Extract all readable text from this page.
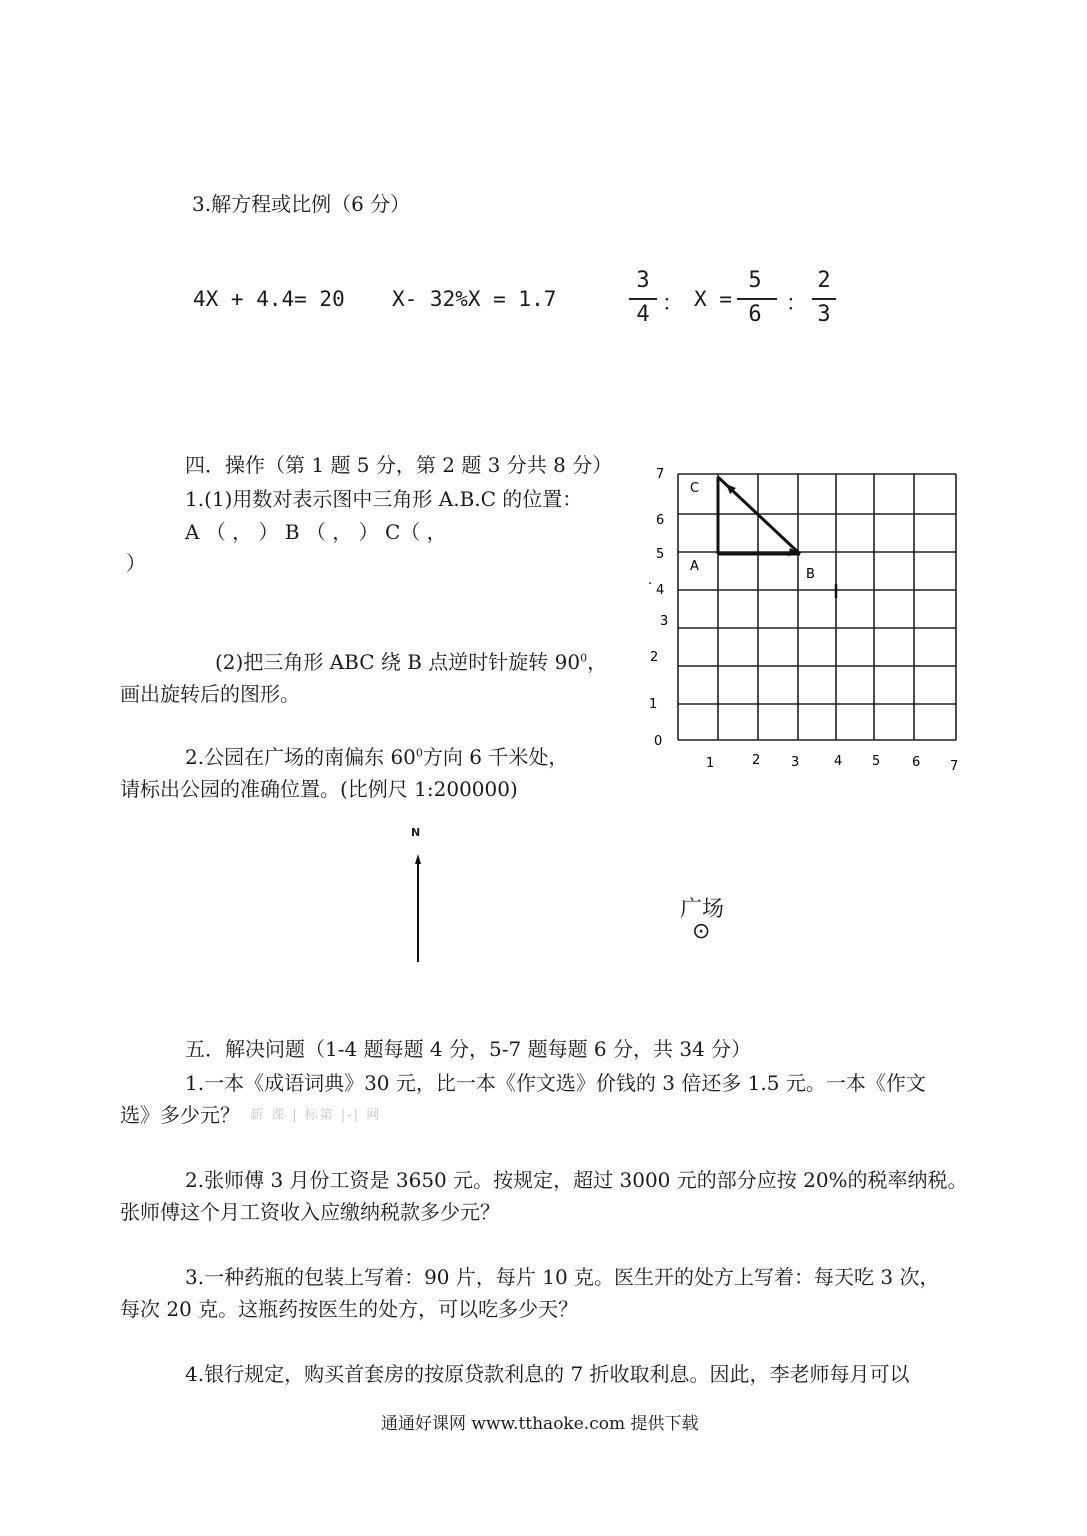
3.解方程或比例（6 分）
4X + 4.4= 20 X- 32%X = 1.7
3
4 ： X =
5
6	：
2
3
四．操作（第 1 题 5 分，第 2 题 3 分共 8 分）
1.(1)用数对表示图中三角形 A.B.C 的位置：
A （ ， ） B （ ， ） C（ ，
）
(2)把三角形 ABC 绕 B 点逆时针旋转 $90^0$，
画出旋转后的图形。
2.公园在广场的南偏东 $60^0$方向 6 千米处，
请标出公园的准确位置。(比例尺 1:200000)
C
A
B
.
0
1
2
3
4
5
6
7
1	2 3	4 5 6 7
N
广场
⊙
五．解决问题（1-4 题每题 4 分，5-7 题每题 6 分，共 34 分）
1.一本《成语词典》30 元，比一本《作文选》价钱的 3 倍还多 1.5 元。一本《作文
选》多少元？ 新 课 | 标第 |-| 网
2.张师傅 3 月份工资是 3650 元。按规定，超过 3000 元的部分应按 20%的税率纳税。
张师傅这个月工资收入应缴纳税款多少元？
3.一种药瓶的包装上写着：90 片，每片 10 克。医生开的处方上写着：每天吃 3 次，
每次 20 克。这瓶药按医生的处方，可以吃多少天？
4.银行规定，购买首套房的按原贷款利息的 7 折收取利息。因此，李老师每月可以
通通好课网 www.tthaoke.com 提供下载
